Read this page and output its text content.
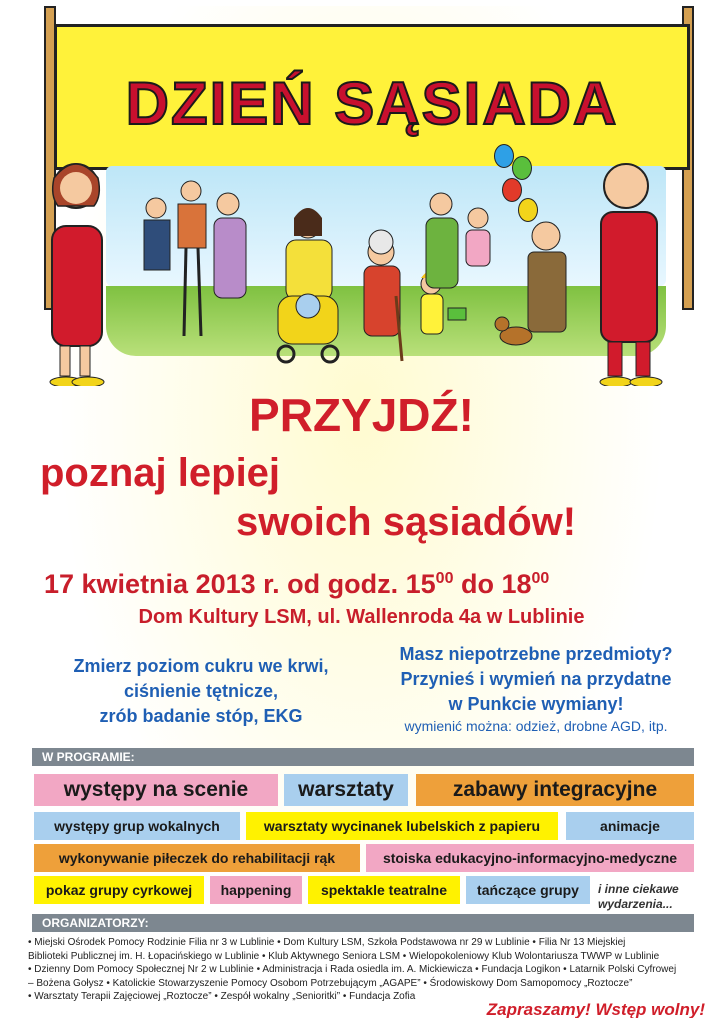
DZIEŃ SĄSIADA
PRZYJDŹ!
poznaj lepiej
swoich sąsiadów!
17 kwietnia 2013 r. od godz. $15^{00}$ do $18^{00}$
Dom Kultury LSM, ul. Wallenroda 4a w Lublinie
Zmierz poziom cukru we krwi,
ciśnienie tętnicze,
zrób badanie stóp, EKG
Masz niepotrzebne przedmioty?
Przynieś i wymień na przydatne
w Punkcie wymiany!
wymienić można: odzież, drobne AGD, itp.
W PROGRAMIE:
występy na scenie	warsztaty	zabawy integracyjne
występy grup wokalnych	warsztaty wycinanek lubelskich z papieru	animacje
wykonywanie piłeczek do rehabilitacji rąk	stoiska edukacyjno-informacyjno-medyczne
pokaz grupy cyrkowej	happening	spektakle teatralne	tańczące grupy	i inne ciekawe
wydarzenia...
ORGANIZATORZY:
• Miejski Ośrodek Pomocy Rodzinie Filia nr 3 w Lublinie • Dom Kultury LSM, Szkoła Podstawowa nr 29 w Lublinie • Filia Nr 13 Miejskiej
Biblioteki Publicznej im. H. Łopacińskiego w Lublinie • Klub Aktywnego Seniora LSM • Wielopokoleniowy Klub Wolontariusza TWWP w Lublinie
• Dzienny Dom Pomocy Społecznej Nr 2 w Lublinie • Administracja i Rada osiedla im. A. Mickiewicza • Fundacja Logikon • Latarnik Polski Cyfrowej
– Bożena Gołysz • Katolickie Stowarzyszenie Pomocy Osobom Potrzebującym „AGAPE” • Środowiskowy Dom Samopomocy „Roztocze”
• Warsztaty Terapii Zajęciowej „Roztocze” • Zespół wokalny „Senioritki” • Fundacja Zofia
Zapraszamy! Wstęp wolny!
